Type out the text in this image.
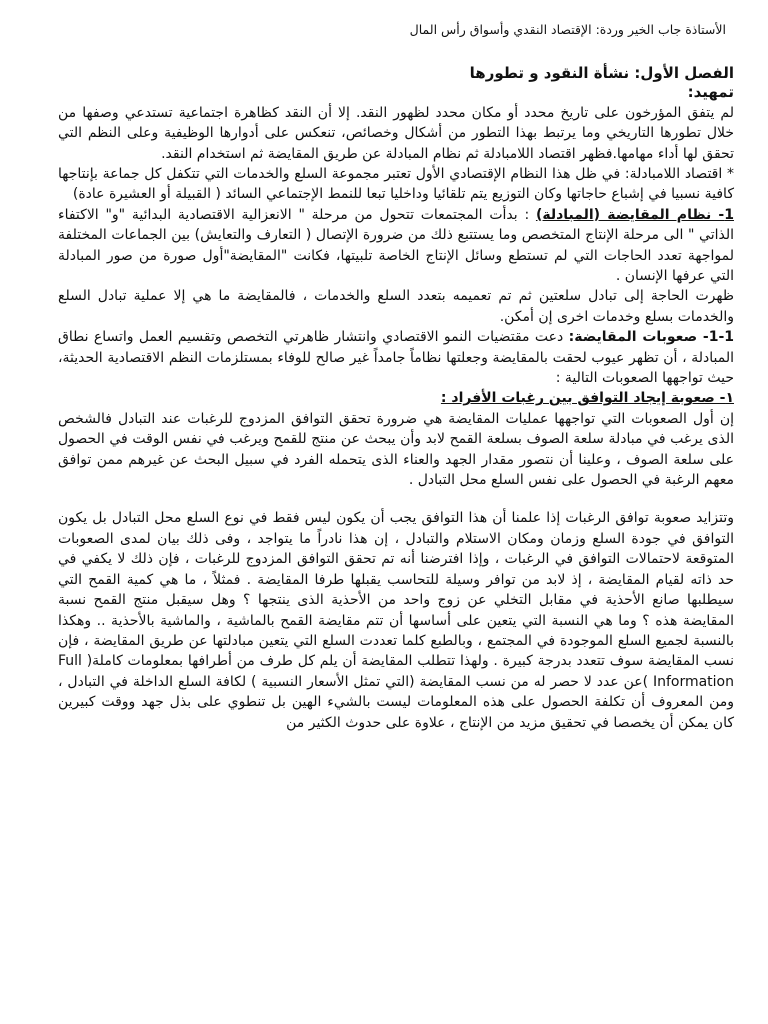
الأستاذة جاب الخير وردة: الإقتصاد النقدي وأسواق رأس المال
الفصل الأول: نشأة النقود و تطورها
تمهيد:

لم يتفق المؤرخون على تاريخ محدد أو مكان محدد لظهور النقد. إلا أن النقد كظاهرة اجتماعية تستدعي وصفها من خلال تطورها التاريخي وما يرتبط بهذا التطور من أشكال وخصائص، تنعكس على أدوارها الوظيفية وعلى النظم التي تحقق لها أداء مهامها.فظهر اقتصاد اللامبادلة ثم نظام المبادلة عن طريق المقايضة ثم استخدام النقد.

* اقتصاد اللامبادلة: في ظل هذا النظام الإقتصادي الأول تعتبر مجموعة السلع والخدمات التي تتكفل كل جماعة بإنتاجها كافية نسبيا في إشباع حاجاتها وكان التوزيع يتم تلقائيا وداخليا تبعا للنمط الإجتماعي السائد ( القبيلة أو العشيرة عادة)

1- نظام المقايضة (المبادلة) : بدأت المجتمعات تتحول من مرحلة " الانعزالية الاقتصادية البدائية "و" الاكتفاء الذاتي " الى مرحلة الإنتاج المتخصص وما يستتبع ذلك من ضرورة الإتصال ( التعارف والتعايش) بين الجماعات المختلفة لمواجهة تعدد الحاجات التي لم تستطع وسائل الإنتاج الخاصة تلبيتها، فكانت "المقايضة"أول صورة من صور المبادلة التي عرفها الإنسان .

ظهرت الحاجة إلى تبادل سلعتين ثم تم تعميمه بتعدد السلع والخدمات ، فالمقايضة ما هي إلا عملية تبادل السلع والخدمات بسلع وخدمات اخرى إن أمكن.

1-1- صعوبات المقايضة: دعت مقتضيات النمو الاقتصادي وانتشار ظاهرتي التخصص وتقسيم العمل واتساع نطاق المبادلة ، أن تظهر عيوب لحقت بالمقايضة وجعلتها نظاماً جامداً غير صالح للوفاء بمستلزمات النظم الاقتصادية الحديثة، حيث تواجهها الصعوبات التالية :

١- صعوبة إيجاد التوافق بين رغبات الأفراد :

إن أول الصعوبات التي تواجهها عمليات المقايضة هي ضرورة تحقق التوافق المزدوج للرغبات عند التبادل فالشخص الذى يرغب في مبادلة سلعة الصوف بسلعة القمح لابد وأن يبحث عن منتج للقمح ويرغب في نفس الوقت في الحصول على سلعة الصوف ، وعلينا أن نتصور مقدار الجهد والعناء الذى يتحمله الفرد في سبيل البحث عن غيرهم ممن توافق معهم الرغبة في الحصول على نفس السلع محل التبادل .

وتتزايد صعوبة توافق الرغبات إذا علمنا أن هذا التوافق يجب أن يكون ليس فقط في نوع السلع محل التبادل بل يكون التوافق في جودة السلع وزمان ومكان الاستلام والتبادل ، إن هذا نادراً ما يتواجد ، وفى ذلك بيان لمدى الصعوبات المتوقعة لاحتمالات التوافق في الرغبات ، وإذا افترضنا أنه تم تحقق التوافق المزدوج للرغبات ، فإن ذلك لا يكفي في حد ذاته لقيام المقايضة ، إذ لابد من توافر وسيلة للتحاسب يقبلها طرفا المقايضة . فمثلاً ، ما هي كمية القمح التي سيطلبها صانع الأحذية في مقابل التخلي عن زوج واحد من الأحذية الذى ينتجها ؟ وهل سيقبل منتج القمح نسبة المقايضة هذه ؟ وما هي النسبة التي يتعين على أساسها أن تتم مقايضة القمح بالماشية ، والماشية بالأحذية .. وهكذا بالنسبة لجميع السلع الموجودة في المجتمع ، وبالطبع كلما تعددت السلع التي يتعين مبادلتها عن طريق المقايضة ، فإن نسب المقايضة سوف تتعدد بدرجة كبيرة . ولهذا تتطلب المقايضة أن يلم كل طرف من أطرافها بمعلومات كاملة( Full Information )عن عدد لا حصر له من نسب المقايضة (التي تمثل الأسعار النسبية ) لكافة السلع الداخلة في التبادل ، ومن المعروف أن تكلفة الحصول على هذه المعلومات ليست بالشيء الهين بل تنطوي على بذل جهد ووقت كبيرين كان يمكن أن يخصصا في تحقيق مزيد من الإنتاج ، علاوة على حدوث الكثير من
